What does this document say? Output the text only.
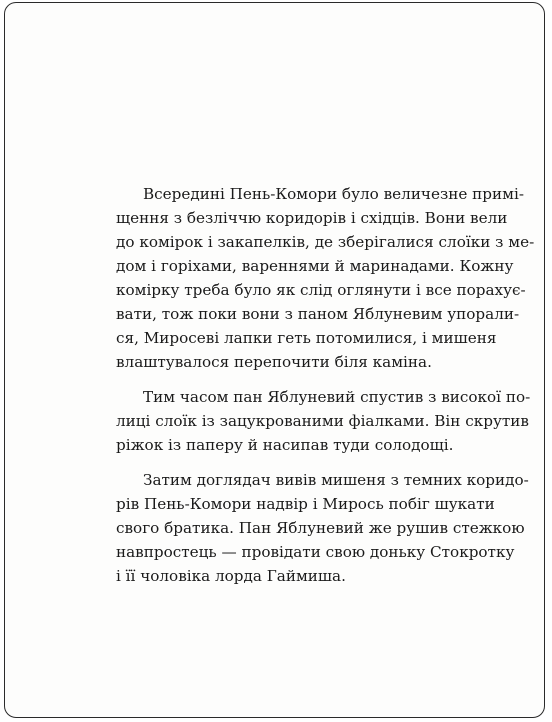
Всередині Пень-Комори було величезне примі-
щення з безліччю коридорів і східців. Вони вели
до комірок і закапелків, де зберігалися слоїки з ме-
дом і горіхами, вареннями й маринадами. Кожну
комірку треба було як слід оглянути і все порахує-
вати, тож поки вони з паном Яблуневим упорали-
ся, Миросеві лапки геть потомилися, і мишеня
влаштувалося перепочити біля каміна.

Тим часом пан Яблуневий спустив з високої по-
лиці слоїк із зацукрованими фіалками. Він скрутив
ріжок із паперу й насипав туди солодощі.

Затим доглядач вивів мишеня з темних коридо-
рів Пень-Комори надвір і Мирось побіг шукати
свого братика. Пан Яблуневий же рушив стежкою
навпростець — провідати свою доньку Стокротку
і її чоловіка лорда Гаймиша.
